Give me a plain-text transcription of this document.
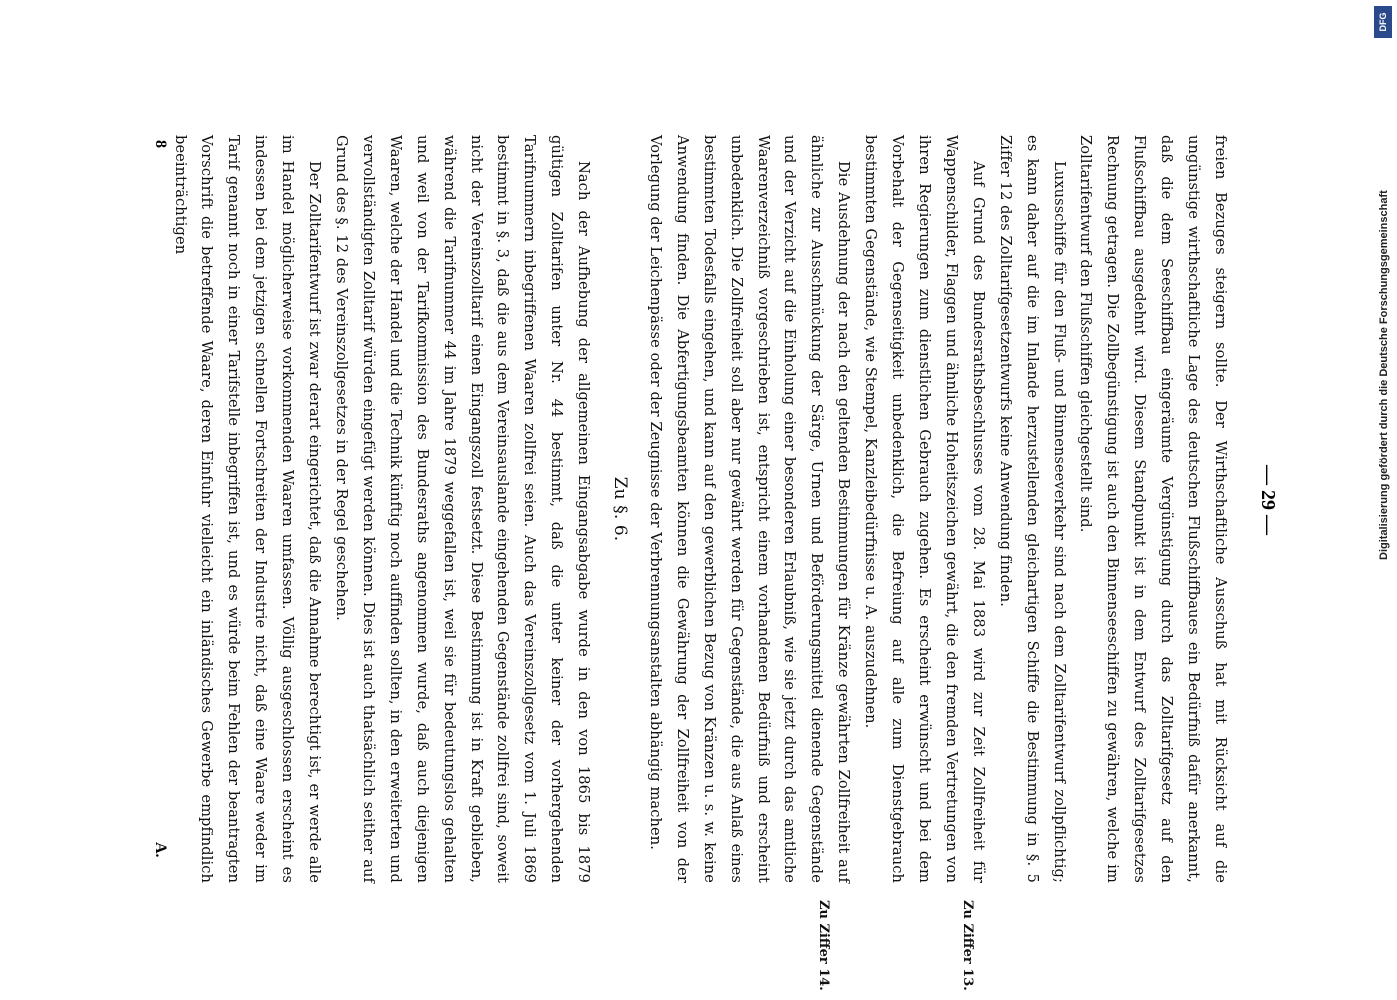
— 29 —

freien Bezuges steigern sollte. Der Wirthschaftliche Ausschuß hat mit Rücksicht auf die ungünstige wirthschaftliche Lage des deutschen Flußschiffbaues ein Bedürfniß dafür anerkannt, daß die dem Seeschiffbau eingeräumte Vergünstigung durch das Zolltarifgesetz auf den Flußschiffbau ausgedehnt wird. Diesem Standpunkt ist in dem Entwurf des Zolltarifgesetzes Rechnung getragen. Die Zollbegünstigung ist auch den Binnenseeschiffen zu gewähren, welche im Zolltarifentwurf den Flußschiffen gleichgestellt sind.

Luxusschiffe für den Fluß- und Binnenseeverkehr sind nach dem Zolltarifentwurf zollpflichtig; es kann daher auf die im Inlande herzustellenden gleichartigen Schiffe die Bestimmung in §. 5 Ziffer 12 des Zolltarifgesetzentwurfs keine Anwendung finden.

Auf Grund des Bundesrathsbeschlusses vom 28. Mai 1883 wird zur Zeit Zollfreiheit für Wappenschilder, Flaggen und ähnliche Hoheitszeichen gewährt, die den fremden Vertretungen von ihren Regierungen zum dienstlichen Gebrauch zugehen. Es erscheint erwünscht und bei dem Vorbehalt der Gegenseitigkeit unbedenklich, die Befreiung auf alle zum Dienstgebrauch bestimmten Gegenstände, wie Stempel, Kanzleibedürfnisse u. A. auszudehnen.

Die Ausdehnung der nach den geltenden Bestimmungen für Kränze gewährten Zollfreiheit auf ähnliche zur Ausschmückung der Särge, Urnen und Beförderungsmittel dienende Gegenstände und der Verzicht auf die Einholung einer besonderen Erlaubniß, wie sie jetzt durch das amtliche Waarenverzeichniß vorgeschrieben ist, entspricht einem vorhandenen Bedürfniß und erscheint unbedenklich. Die Zollfreiheit soll aber nur gewährt werden für Gegenstände, die aus Anlaß eines bestimmten Todesfalls eingehen, und kann auf den gewerblichen Bezug von Kränzen u. s. w. keine Anwendung finden. Die Abfertigungsbeamten können die Gewährung der Zollfreiheit von der Vorlegung der Leichenpässe oder der Zeugnisse der Verbrennungsanstalten abhängig machen.

Zu §. 6.

Nach der Aufhebung der allgemeinen Eingangsabgabe wurde in den von 1865 bis 1879 gültigen Zolltarifen unter Nr. 44 bestimmt, daß die unter keiner der vorhergehenden Tarifnummern inbegriffenen Waaren zollfrei seien. Auch das Vereinszollgesetz vom 1. Juli 1869 bestimmt in §. 3, daß die aus dem Vereinsauslande eingehenden Gegenstände zollfrei sind, soweit nicht der Vereinszolltarif einen Eingangszoll festsetzt. Diese Bestimmung ist in Kraft geblieben, während die Tarifnummer 44 im Jahre 1879 weggefallen ist, weil sie für bedeutungslos gehalten und weil von der Tarifkommission des Bundesraths angenommen wurde, daß auch diejenigen Waaren, welche der Handel und die Technik künftig noch auffinden sollten, in den erweiterten und vervollständigten Zolltarif würden eingefügt werden können. Dies ist auch thatsächlich seither auf Grund des §. 12 des Vereinszollgesetzes in der Regel geschehen.

Der Zolltarifentwurf ist zwar derart eingerichtet, daß die Annahme berechtigt ist, er werde alle im Handel möglicherweise vorkommenden Waaren umfassen. Völlig ausgeschlossen erscheint es indessen bei dem jetzigen schnellen Fortschreiten der Industrie nicht, daß eine Waare weder im Tarif genannt noch in einer Tarifstelle inbegriffen ist, und es würde beim Fehlen der beantragten Vorschrift die betreffende Waare, deren Einfuhr vielleicht ein inländisches Gewerbe empfindlich beeinträchtigen

Zu Ziffer 13.
Zu Ziffer 14.
A.
8
DFG
Digitalisierung gefördert durch die Deutsche Forschungsgemeinschaft
